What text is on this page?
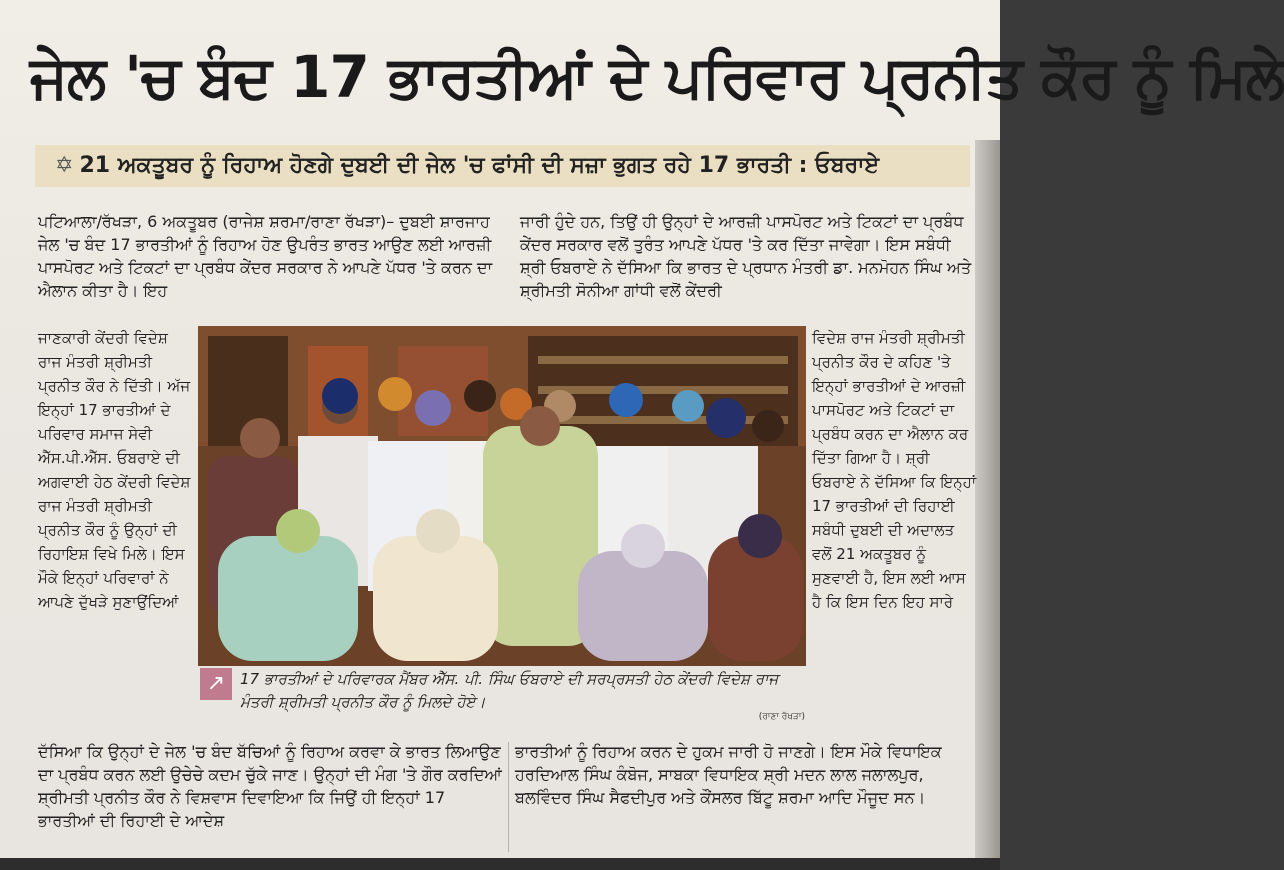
ਜੇਲ 'ਚ ਬੰਦ 17 ਭਾਰਤੀਆਂ ਦੇ ਪਰਿਵਾਰ ਪ੍ਰਨੀਤ ਕੌਰ ਨੂੰ ਮਿਲੇ
✡ 21 ਅਕਤੂਬਰ ਨੂੰ ਰਿਹਾਅ ਹੋਣਗੇ ਦੁਬਈ ਦੀ ਜੇਲ 'ਚ ਫਾਂਸੀ ਦੀ ਸਜ਼ਾ ਭੁਗਤ ਰਹੇ 17 ਭਾਰਤੀ : ਓਬਰਾਏ

ਪਟਿਆਲਾ/ਰੱਖੜਾ, 6 ਅਕਤੂਬਰ (ਰਾਜੇਸ਼ ਸ਼ਰਮਾ/ਰਾਣਾ ਰੱਖੜਾ)– ਦੁਬਈ ਸ਼ਾਰਜਾਹ ਜੇਲ 'ਚ ਬੰਦ 17 ਭਾਰਤੀਆਂ ਨੂੰ ਰਿਹਾਅ ਹੋਣ ਉਪਰੰਤ ਭਾਰਤ ਆਉਣ ਲਈ ਆਰਜ਼ੀ ਪਾਸਪੋਰਟ ਅਤੇ ਟਿਕਟਾਂ ਦਾ ਪ੍ਰਬੰਧ ਕੇਂਦਰ ਸਰਕਾਰ ਨੇ ਆਪਣੇ ਪੱਧਰ 'ਤੇ ਕਰਨ ਦਾ ਐਲਾਨ ਕੀਤਾ ਹੈ। ਇਹ

ਜਾਰੀ ਹੁੰਦੇ ਹਨ, ਤਿਉਂ ਹੀ ਉਨ੍ਹਾਂ ਦੇ ਆਰਜ਼ੀ ਪਾਸਪੋਰਟ ਅਤੇ ਟਿਕਟਾਂ ਦਾ ਪ੍ਰਬੰਧ ਕੇਂਦਰ ਸਰਕਾਰ ਵਲੋਂ ਤੁਰੰਤ ਆਪਣੇ ਪੱਧਰ 'ਤੇ ਕਰ ਦਿੱਤਾ ਜਾਵੇਗਾ। ਇਸ ਸਬੰਧੀ ਸ਼੍ਰੀ ਓਬਰਾਏ ਨੇ ਦੱਸਿਆ ਕਿ ਭਾਰਤ ਦੇ ਪ੍ਰਧਾਨ ਮੰਤਰੀ ਡਾ. ਮਨਮੋਹਨ ਸਿੰਘ ਅਤੇ ਸ਼੍ਰੀਮਤੀ ਸੋਨੀਆ ਗਾਂਧੀ ਵਲੋਂ ਕੇਂਦਰੀ

ਜਾਣਕਾਰੀ ਕੇਂਦਰੀ ਵਿਦੇਸ਼ ਰਾਜ ਮੰਤਰੀ ਸ਼੍ਰੀਮਤੀ ਪ੍ਰਨੀਤ ਕੌਰ ਨੇ ਦਿੱਤੀ। ਅੱਜ ਇਨ੍ਹਾਂ 17 ਭਾਰਤੀਆਂ ਦੇ ਪਰਿਵਾਰ ਸਮਾਜ ਸੇਵੀ ਐੱਸ.ਪੀ.ਐੱਸ. ਓਬਰਾਏ ਦੀ ਅਗਵਾਈ ਹੇਠ ਕੇਂਦਰੀ ਵਿਦੇਸ਼ ਰਾਜ ਮੰਤਰੀ ਸ਼੍ਰੀਮਤੀ ਪ੍ਰਨੀਤ ਕੌਰ ਨੂੰ ਉਨ੍ਹਾਂ ਦੀ ਰਿਹਾਇਸ਼ ਵਿਖੇ ਮਿਲੇ। ਇਸ ਮੌਕੇ ਇਨ੍ਹਾਂ ਪਰਿਵਾਰਾਂ ਨੇ ਆਪਣੇ ਦੁੱਖੜੇ ਸੁਣਾਉਂਦਿਆਂ

ਵਿਦੇਸ਼ ਰਾਜ ਮੰਤਰੀ ਸ਼੍ਰੀਮਤੀ ਪ੍ਰਨੀਤ ਕੌਰ ਦੇ ਕਹਿਣ 'ਤੇ ਇਨ੍ਹਾਂ ਭਾਰਤੀਆਂ ਦੇ ਆਰਜ਼ੀ ਪਾਸਪੋਰਟ ਅਤੇ ਟਿਕਟਾਂ ਦਾ ਪ੍ਰਬੰਧ ਕਰਨ ਦਾ ਐਲਾਨ ਕਰ ਦਿੱਤਾ ਗਿਆ ਹੈ। ਸ਼੍ਰੀ ਓਬਰਾਏ ਨੇ ਦੱਸਿਆ ਕਿ ਇਨ੍ਹਾਂ 17 ਭਾਰਤੀਆਂ ਦੀ ਰਿਹਾਈ ਸਬੰਧੀ ਦੁਬਈ ਦੀ ਅਦਾਲਤ ਵਲੋਂ 21 ਅਕਤੂਬਰ ਨੂੰ ਸੁਣਵਾਈ ਹੈ, ਇਸ ਲਈ ਆਸ ਹੈ ਕਿ ਇਸ ਦਿਨ ਇਹ ਸਾਰੇ

↗ 17 ਭਾਰਤੀਆਂ ਦੇ ਪਰਿਵਾਰਕ ਮੈਂਬਰ ਐੱਸ. ਪੀ. ਸਿੰਘ ਓਬਰਾਏ ਦੀ ਸਰਪ੍ਰਸਤੀ ਹੇਠ ਕੇਂਦਰੀ ਵਿਦੇਸ਼ ਰਾਜ ਮੰਤਰੀ ਸ਼੍ਰੀਮਤੀ ਪ੍ਰਨੀਤ ਕੌਰ ਨੂੰ ਮਿਲਦੇ ਹੋਏ।
(ਰਾਣਾ ਰੱਖੜਾ)

ਦੱਸਿਆ ਕਿ ਉਨ੍ਹਾਂ ਦੇ ਜੇਲ 'ਚ ਬੰਦ ਬੱਚਿਆਂ ਨੂੰ ਰਿਹਾਅ ਕਰਵਾ ਕੇ ਭਾਰਤ ਲਿਆਉਣ ਦਾ ਪ੍ਰਬੰਧ ਕਰਨ ਲਈ ਉਚੇਚੇ ਕਦਮ ਚੁੱਕੇ ਜਾਣ। ਉਨ੍ਹਾਂ ਦੀ ਮੰਗ 'ਤੇ ਗੌਰ ਕਰਦਿਆਂ ਸ਼੍ਰੀਮਤੀ ਪ੍ਰਨੀਤ ਕੌਰ ਨੇ ਵਿਸ਼ਵਾਸ ਦਿਵਾਇਆ ਕਿ ਜਿਉਂ ਹੀ ਇਨ੍ਹਾਂ 17 ਭਾਰਤੀਆਂ ਦੀ ਰਿਹਾਈ ਦੇ ਆਦੇਸ਼

ਭਾਰਤੀਆਂ ਨੂੰ ਰਿਹਾਅ ਕਰਨ ਦੇ ਹੁਕਮ ਜਾਰੀ ਹੋ ਜਾਣਗੇ। ਇਸ ਮੌਕੇ ਵਿਧਾਇਕ ਹਰਦਿਆਲ ਸਿੰਘ ਕੰਬੋਜ, ਸਾਬਕਾ ਵਿਧਾਇਕ ਸ਼੍ਰੀ ਮਦਨ ਲਾਲ ਜਲਾਲਪੁਰ, ਬਲਵਿੰਦਰ ਸਿੰਘ ਸੈਫਦੀਪੁਰ ਅਤੇ ਕੌਂਸਲਰ ਬਿੱਟੂ ਸ਼ਰਮਾ ਆਦਿ ਮੌਜੂਦ ਸਨ।
